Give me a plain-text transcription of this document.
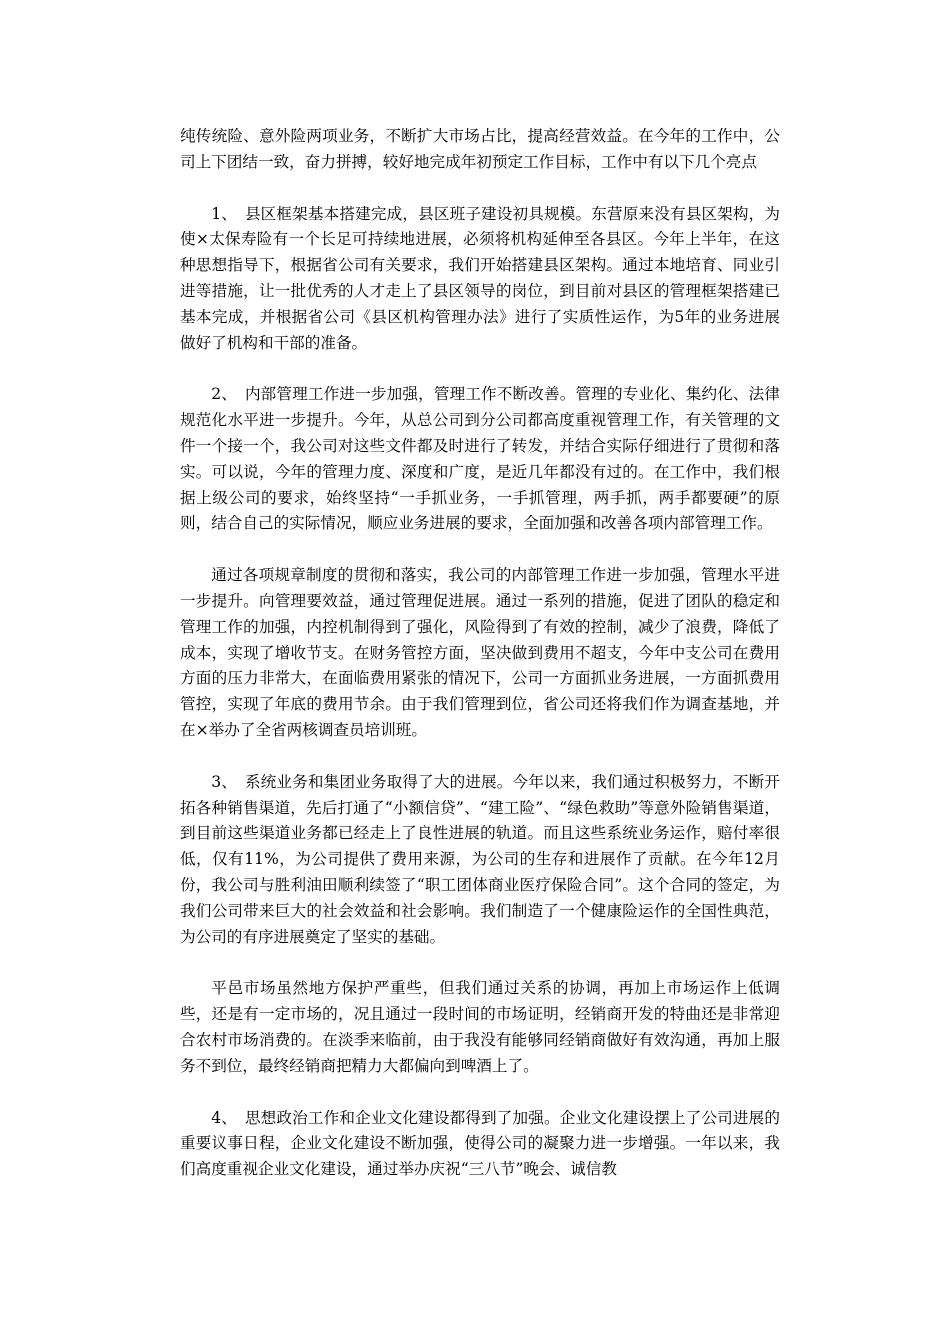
纯传统险、意外险两项业务，不断扩大市场占比，提高经营效益。在今年的工作中，公司上下团结一致，奋力拼搏，较好地完成年初预定工作目标，工作中有以下几个亮点

1、　县区框架基本搭建完成，县区班子建设初具规模。东营原来没有县区架构，为使×太保寿险有一个长足可持续地进展，必须将机构延伸至各县区。今年上半年，在这种思想指导下，根据省公司有关要求，我们开始搭建县区架构。通过本地培育、同业引进等措施，让一批优秀的人才走上了县区领导的岗位，到目前对县区的管理框架搭建已基本完成，并根据省公司《县区机构管理办法》进行了实质性运作，为5年的业务进展做好了机构和干部的准备。

2、　内部管理工作进一步加强，管理工作不断改善。管理的专业化、集约化、法律规范化水平进一步提升。今年，从总公司到分公司都高度重视管理工作，有关管理的文件一个接一个，我公司对这些文件都及时进行了转发，并结合实际仔细进行了贯彻和落实。可以说，今年的管理力度、深度和广度，是近几年都没有过的。在工作中，我们根据上级公司的要求，始终坚持“一手抓业务，一手抓管理，两手抓，两手都要硬”的原则，结合自己的实际情况，顺应业务进展的要求，全面加强和改善各项内部管理工作。

通过各项规章制度的贯彻和落实，我公司的内部管理工作进一步加强，管理水平进一步提升。向管理要效益，通过管理促进展。通过一系列的措施，促进了团队的稳定和管理工作的加强，内控机制得到了强化，风险得到了有效的控制，减少了浪费，降低了成本，实现了增收节支。在财务管控方面，坚决做到费用不超支，今年中支公司在费用方面的压力非常大，在面临费用紧张的情况下，公司一方面抓业务进展，一方面抓费用管控，实现了年底的费用节余。由于我们管理到位，省公司还将我们作为调查基地，并在×举办了全省两核调查员培训班。

3、　系统业务和集团业务取得了大的进展。今年以来，我们通过积极努力，不断开拓各种销售渠道，先后打通了“小额信贷”、“建工险”、“绿色救助”等意外险销售渠道，到目前这些渠道业务都已经走上了良性进展的轨道。而且这些系统业务运作，赔付率很低，仅有11%，为公司提供了费用来源，为公司的生存和进展作了贡献。在今年12月份，我公司与胜利油田顺利续签了“职工团体商业医疗保险合同”。这个合同的签定，为我们公司带来巨大的社会效益和社会影响。我们制造了一个健康险运作的全国性典范，为公司的有序进展奠定了坚实的基础。

平邑市场虽然地方保护严重些，但我们通过关系的协调，再加上市场运作上低调些，还是有一定市场的，况且通过一段时间的市场证明，经销商开发的特曲还是非常迎合农村市场消费的。在淡季来临前，由于我没有能够同经销商做好有效沟通，再加上服务不到位，最终经销商把精力大都偏向到啤酒上了。

4、　思想政治工作和企业文化建设都得到了加强。企业文化建设摆上了公司进展的重要议事日程，企业文化建设不断加强，使得公司的凝聚力进一步增强。一年以来，我们高度重视企业文化建设，通过举办庆祝“三八节”晚会、诚信教
